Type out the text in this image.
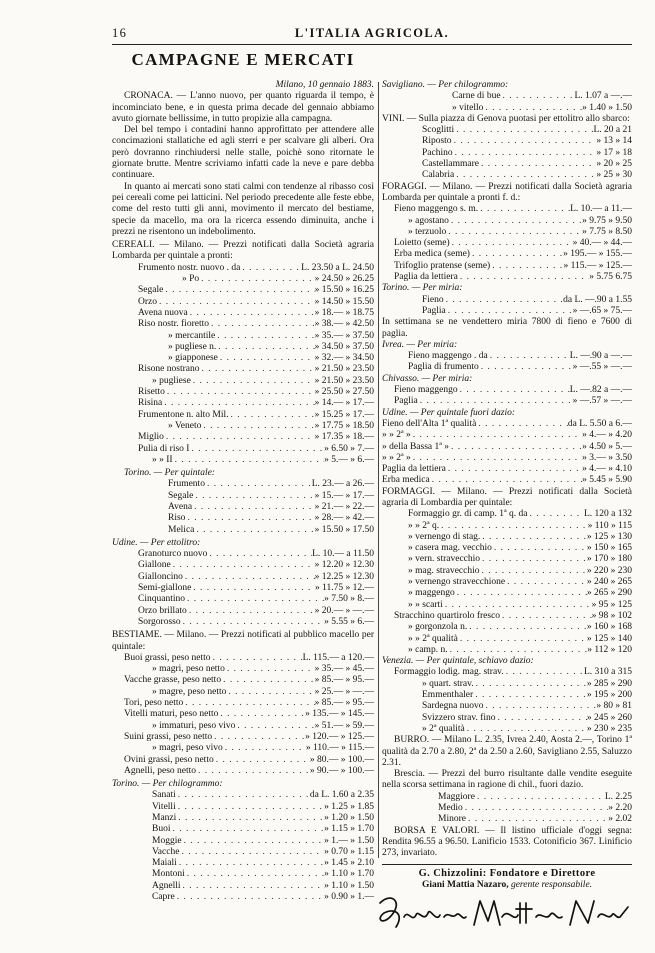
16	L'ITALIA AGRICOLA.
CAMPAGNE E MERCATI

Milano, 10 gennaio 1883.

CRONACA. — L'anno nuovo, per quanto riguarda il tempo, è incominciato bene, e in questa prima decade del gennaio abbiamo avuto giornate bellissime, in tutto propizie alla campagna.

Del bel tempo i contadini hanno approfittato per attendere alle concimazioni stallatiche ed agli sterri e per scalvare gli alberi. Ora però dovranno rinchiudersi nelle stalle, poichè sono ritornate le giornate brutte. Mentre scriviamo infatti cade la neve e pare debba continuare.

In quanto ai mercati sono stati calmi con tendenze al ribasso così pei cereali come pei latticini. Nel periodo precedente alle feste ebbe, come del resto tutti gli anni, movimento il mercato del bestiame, specie da macello, ma ora la ricerca essendo diminuita, anche i prezzi ne risentono un indebolimento.

CEREALI. — Milano. — Prezzi notificati dalla Società agraria Lombarda per quintale a pronti:

Frumento nostr. nuovo . da . . .	L. 23.50 a L. 24.50
» Po . . .	» 24.50 » 26.25
Segale . . .	» 15.50 » 16.25
Orzo . . .	» 14.50 » 15.50
Avena nuova . . .	» 18.— » 18.75
Riso nostr. fioretto . . .	» 38.— » 42.50
» mercantile . . .	» 35.— » 37.50
» pugliese n. . . .	» 34.50 » 37.50
» giapponese . . .	» 32.— » 34.50
Risone nostrano . . .	» 21.50 » 23.50
» pugliese . . .	» 21.50 » 23.50
Risetto . . .	» 25.50 » 27.50
Risina . . .	» 14.— » 17.—
Frumentone n. alto Mil. . . .	» 15.25 » 17.—
» Veneto . . .	» 17.75 » 18.50
Miglio . . .	» 17.35 » 18.—
Pulia di riso I . . .	» 6.50 » 7.—
» » II . . .	» 5.— » 6.—

Torino. — Per quintale:

Frumento . . .	L. 23.— a 26.—
Segale . . .	» 15.— » 17.—
Avena . . .	» 21.— » 22.—
Riso . . .	» 28.— » 42.—
Melica . . .	» 15.50 » 17.50

Udine. — Per ettolitro:

Granoturco nuovo . . .	L. 10.— a 11.50
Giallone . . .	» 12.20 » 12.30
Gialloncino . . .	» 12.25 » 12.30
Semi-giallone . . .	» 11.75 » 12.—
Cinquantino . . .	» 7.50 » 8.—
Orzo brillato . . .	» 20.— » —.—
Sorgorosso . . .	» 5.55 » 6.—

BESTIAME. — Milano. — Prezzi notificati al pubblico macello per quintale:

Buoi grassi, peso netto . . .	L. 115.— a 120.—
» magri, peso netto . . .	» 35.— » 45.—
Vacche grasse, peso netto . . .	» 85.— » 95.—
» magre, peso netto . . .	» 25.— » —.—
Tori, peso netto . . .	» 85.— » 95.—
Vitelli maturi, peso netto . . .	» 135.— » 145.—
» immaturi, peso vivo . . .	» 51.— » 59.—
Suini grassi, peso netto . . .	» 120.— » 125.—
» magri, peso vivo . . .	» 110.— » 115.—
Ovini grassi, peso netto . . .	» 80.— » 100.—
Agnelli, peso netto . . .	» 90.— » 100.—

Torino. — Per chilogrammo:

Sanati . . .	da L. 1.60 a 2.35
Vitelli . . .	» 1.25 » 1.85
Manzi . . .	» 1.20 » 1.50
Buoi . . .	» 1.15 » 1.70
Moggie . . .	» 1.— » 1.50
Vacche . . .	» 0.70 » 1.15
Maiali . . .	» 1.45 » 2.10
Montoni . . .	» 1.10 » 1.70
Agnelli . . .	» 1.10 » 1.50
Capre . . .	» 0.90 » 1.—

Savigliano. — Per chilogrammo:

Carne di bue . . .	L. 1.07 a —.—
» vitello . . .	» 1.40 » 1.50

VINI. — Sulla piazza di Genova puotasi per ettolitro allo sbarco:

Scoglitti . . .	L. 20 a 21
Riposto . . .	» 13 » 14
Pachino . . .	» 17 » 18
Castellammare . . .	» 20 » 25
Calabria . . .	» 25 » 30

FORAGGI. — Milano. — Prezzi notificati dalla Società agraria Lombarda per quintale a pronti f. d.:

Fieno maggengo s. m. . . .	L. 10.— a 11.—
» agostano . . .	» 9.75 » 9.50
» terzuolo . . .	» 7.75 » 8.50
Loietto (seme) . . .	» 40.— » 44.—
Erba medica (seme) . . .	» 195.— » 155.—
Trifoglio pratense (seme) . . .	» 115.— » 125.—
Paglia da lettiera . . .	» 5.75 6.75

Torino. — Per miria:

Fieno . . .	da L. —.90 a 1.55
Paglia . . .	» —.65 » 75.—

In settimana se ne vendettero miria 7800 di fieno e 7600 di paglia.

Ivrea. — Per miria:

Fieno maggengo . da . . .	L. —.90 a —.—
Paglia di frumento . . .	» —.55 » —.—

Chivasso. — Per miria:

Fieno maggengo . . .	L. —.82 a —.—
Paglia . . .	» —.57 » —.—

Udine. — Per quintale fuori dazio:

Fieno dell'Alta 1ª qualità . . .	da L. 5.50 a 6.—
» » 2ª » . . .	» 4.— » 4.20
» della Bassa 1ª » . . .	» 4.50 » 5.—
» » 2ª » . . .	» 3.— » 3.50
Paglia da lettiera . . .	» 4.— » 4.10
Erba medica . . .	» 5.45 » 5.90

FORMAGGI. — Milano. — Prezzi notificati dalla Società agraria di Lombardia per quintale:

Formaggio gr. di camp. 1ª q. da . . .	L. 120 a 132
» » 2ª q. . . .	» 110 » 115
» vernengo di stag. . . .	» 125 » 130
» casera mag. vecchio . . .	» 150 » 165
» vern. stravecchio . . .	» 170 » 180
» mag. stravecchio . . .	» 220 » 230
» vernengo stravecchione . . .	» 240 » 265
» maggengo . . .	» 265 » 290
» » scarti . . .	» 95 » 125
Stracchino quartirolo fresco . . .	» 98 » 102
» gorgonzola n. . . .	» 160 » 168
» » 2ª qualità . . .	» 125 » 140
» camp. n. . . .	» 112 » 120

Venezia. — Per quintale, schiavo dazio:

Formaggio lodig. mag. strav. . . .	L. 310 a 315
» quart. strav. . . .	» 285 » 290
Emmenthaler . . .	» 195 » 200
Sardegna nuovo . . .	» 80 » 81
Svizzero strav. fino . . .	» 245 » 260
» 2ª qualità . . .	» 230 » 235

BURRO. — Milano L. 2.35, Ivrea 2.40, Aosta 2.—, Torino 1ª qualità da 2.70 a 2.80, 2ª da 2.50 a 2.60, Savigliano 2.55, Saluzzo 2.31.

Brescia. — Prezzi del burro risultante dalle vendite eseguite nella scorsa settimana in ragione di chil., fuori dazio.

Maggiore . . .	L. 2.25
Medio . . .	» 2.20
Minore . . .	» 2.02

BORSA E VALORI. — Il listino ufficiale d'oggi segna: Rendita 96.55 a 96.50. Lanificio 1533. Cotonificio 367. Linificio 273, invariato.

G. Chizzolini: Fondatore e Direttore
Giani Mattia Nazaro, gerente responsabile.
